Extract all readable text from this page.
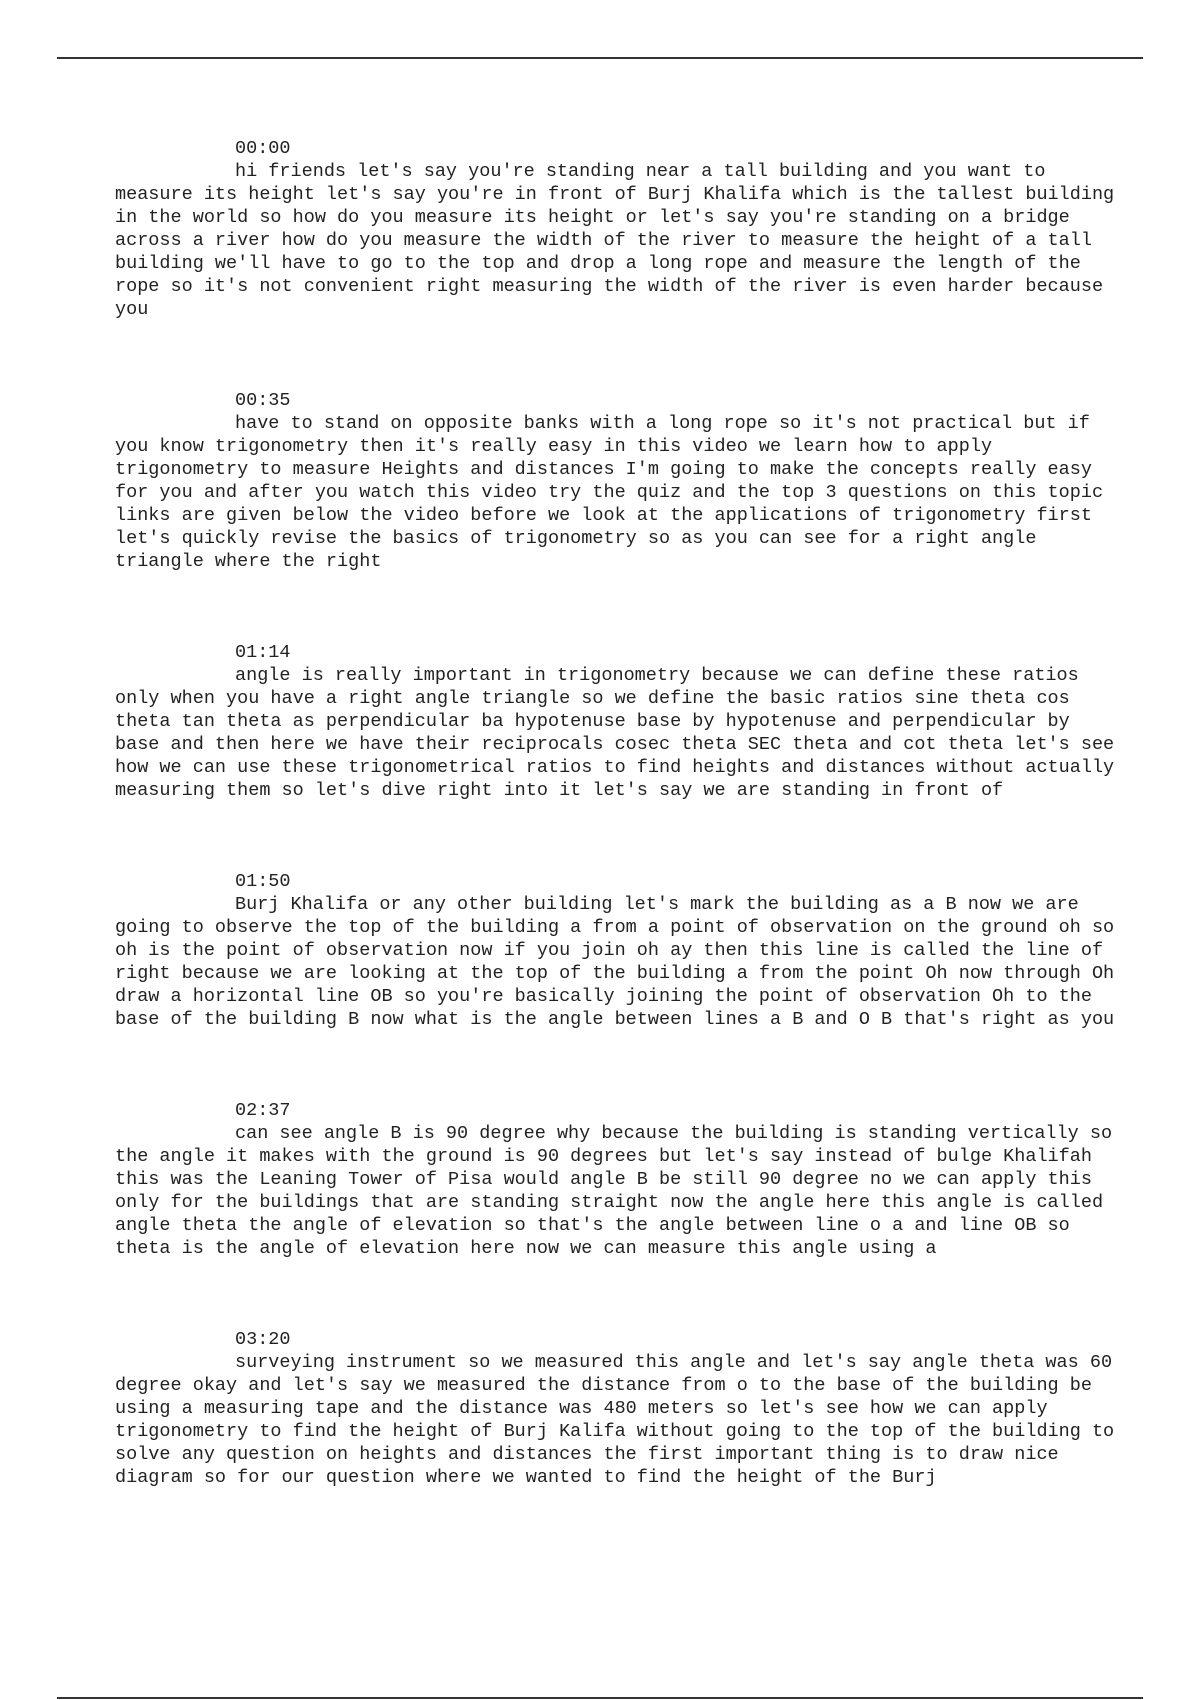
00:00

hi friends let's say you're standing near a tall building and you want to measure its height let's say you're in front of Burj Khalifa which is the tallest building in the world so how do you measure its height or let's say you're standing on a bridge across a river how do you measure the width of the river to measure the height of a tall building we'll have to go to the top and drop a long rope and measure the length of the rope so it's not convenient right measuring the width of the river is even harder because you

00:35

have to stand on opposite banks with a long rope so it's not practical but if you know trigonometry then it's really easy in this video we learn how to apply trigonometry to measure Heights and distances I'm going to make the concepts really easy for you and after you watch this video try the quiz and the top 3 questions on this topic links are given below the video before we look at the applications of trigonometry first let's quickly revise the basics of trigonometry so as you can see for a right angle triangle where the right

01:14

angle is really important in trigonometry because we can define these ratios only when you have a right angle triangle so we define the basic ratios sine theta cos theta tan theta as perpendicular ba hypotenuse base by hypotenuse and perpendicular by base and then here we have their reciprocals cosec theta SEC theta and cot theta let's see how we can use these trigonometrical ratios to find heights and distances without actually measuring them so let's dive right into it let's say we are standing in front of

01:50

Burj Khalifa or any other building let's mark the building as a B now we are going to observe the top of the building a from a point of observation on the ground oh so oh is the point of observation now if you join oh ay then this line is called the line of right because we are looking at the top of the building a from the point Oh now through Oh draw a horizontal line OB so you're basically joining the point of observation Oh to the base of the building B now what is the angle between lines a B and O B that's right as you

02:37

can see angle B is 90 degree why because the building is standing vertically so the angle it makes with the ground is 90 degrees but let's say instead of bulge Khalifah this was the Leaning Tower of Pisa would angle B be still 90 degree no we can apply this only for the buildings that are standing straight now the angle here this angle is called angle theta the angle of elevation so that's the angle between line o a and line OB so theta is the angle of elevation here now we can measure this angle using a

03:20

surveying instrument so we measured this angle and let's say angle theta was 60 degree okay and let's say we measured the distance from o to the base of the building be using a measuring tape and the distance was 480 meters so let's see how we can apply trigonometry to find the height of Burj Kalifa without going to the top of the building to solve any question on heights and distances the first important thing is to draw nice diagram so for our question where we wanted to find the height of the Burj
